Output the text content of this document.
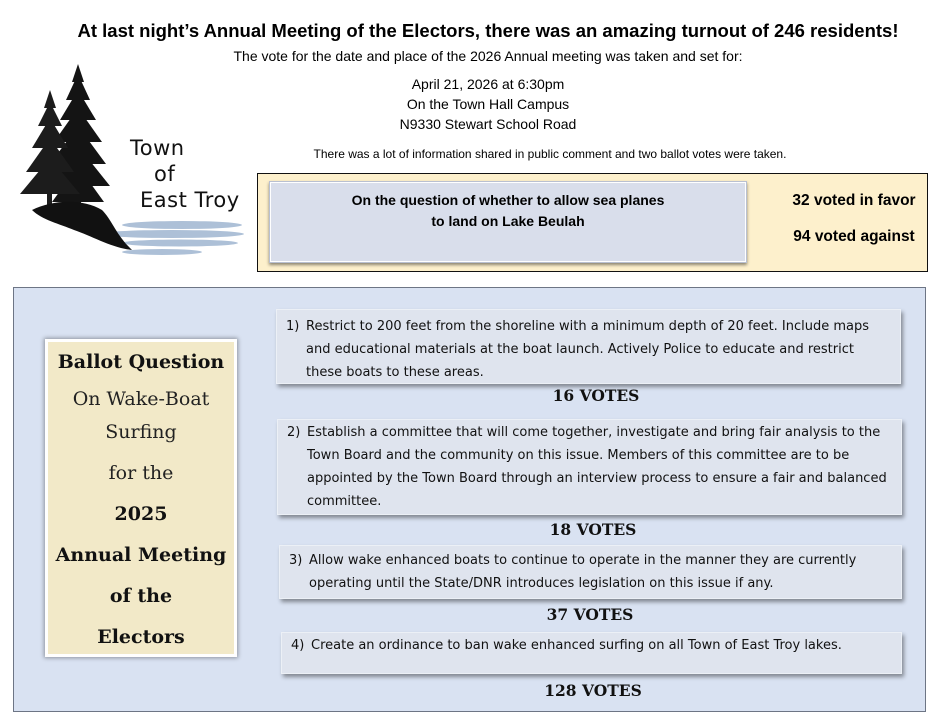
At last night’s Annual Meeting of the Electors, there was an amazing turnout of 246 residents!
The vote for the date and place of the 2026 Annual meeting was taken and set for:
April 21, 2026 at 6:30pm
On the Town Hall Campus
N9330 Stewart School Road
There was a lot of information shared in public comment and two ballot votes were taken.
Town
of
East Troy	On the question of whether to allow sea planes
to land on Lake Beulah
32 voted in favor
94 voted against
Ballot Question
On Wake-Boat
Surfing
for the
2025
Annual Meeting
of the
Electors
1) Restrict to 200 feet from the shoreline with a minimum depth of 20 feet. Include maps and educational materials at the boat launch. Actively Police to educate and restrict these boats to these areas.
16 VOTES
2) Establish a committee that will come together, investigate and bring fair analysis to the Town Board and the community on this issue. Members of this committee are to be appointed by the Town Board through an interview process to ensure a fair and balanced committee.
18 VOTES
3) Allow wake enhanced boats to continue to operate in the manner they are currently operating until the State/DNR introduces legislation on this issue if any.
37 VOTES
4) Create an ordinance to ban wake enhanced surfing on all Town of East Troy lakes.
128 VOTES
